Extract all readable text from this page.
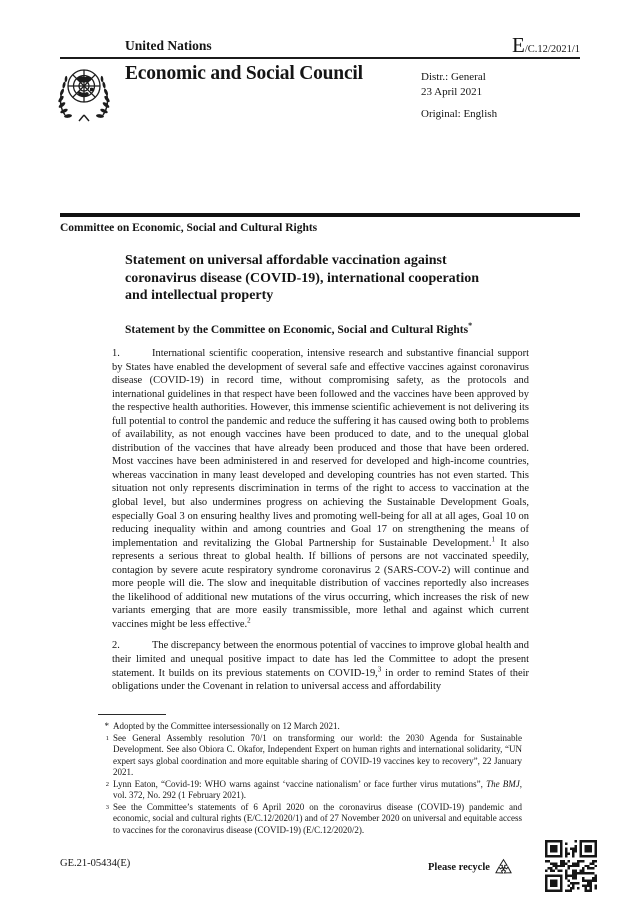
United Nations	E/C.12/2021/1
Economic and Social Council	Distr.: General
23 April 2021
Original: English
Committee on Economic, Social and Cultural Rights
Statement on universal affordable vaccination against coronavirus disease (COVID-19), international cooperation and intellectual property
Statement by the Committee on Economic, Social and Cultural Rights*
1.	International scientific cooperation, intensive research and substantive financial support by States have enabled the development of several safe and effective vaccines against coronavirus disease (COVID-19) in record time, without compromising safety, as the protocols and international guidelines in that respect have been followed and the vaccines have been approved by the respective health authorities. However, this immense scientific achievement is not delivering its full potential to control the pandemic and reduce the suffering it has caused owing both to problems of availability, as not enough vaccines have been produced to date, and to the unequal global distribution of the vaccines that have already been produced and those that have been ordered. Most vaccines have been administered in and reserved for developed and high-income countries, whereas vaccination in many least developed and developing countries has not even started. This situation not only represents discrimination in terms of the right to access to vaccination at the global level, but also undermines progress on achieving the Sustainable Development Goals, especially Goal 3 on ensuring healthy lives and promoting well-being for all at all ages, Goal 10 on reducing inequality within and among countries and Goal 17 on strengthening the means of implementation and revitalizing the Global Partnership for Sustainable Development.$^1$ It also represents a serious threat to global health. If billions of persons are not vaccinated speedily, contagion by severe acute respiratory syndrome coronavirus 2 (SARS-COV-2) will continue and more people will die. The slow and inequitable distribution of vaccines reportedly also increases the likelihood of additional new mutations of the virus occurring, which increases the risk of new variants emerging that are more easily transmissible, more lethal and against which current vaccines might be less effective.$^2$
2.	The discrepancy between the enormous potential of vaccines to improve global health and their limited and unequal positive impact to date has led the Committee to adopt the present statement. It builds on its previous statements on COVID-19,$^3$ in order to remind States of their obligations under the Covenant in relation to universal access and affordability
* Adopted by the Committee intersessionally on 12 March 2021.
$^1$ See General Assembly resolution 70/1 on transforming our world: the 2030 Agenda for Sustainable Development. See also Obiora C. Okafor, Independent Expert on human rights and international solidarity, “UN expert says global coordination and more equitable sharing of COVID-19 vaccines key to recovery”, 22 January 2021.
$^2$ Lynn Eaton, “Covid-19: WHO warns against ‘vaccine nationalism’ or face further virus mutations”, The BMJ, vol. 372, No. 292 (1 February 2021).
$^3$ See the Committee’s statements of 6 April 2020 on the coronavirus disease (COVID-19) pandemic and economic, social and cultural rights (E/C.12/2020/1) and of 27 November 2020 on universal and equitable access to vaccines for the coronavirus disease (COVID-19) (E/C.12/2020/2).
GE.21-05434(E)	Please recycle
